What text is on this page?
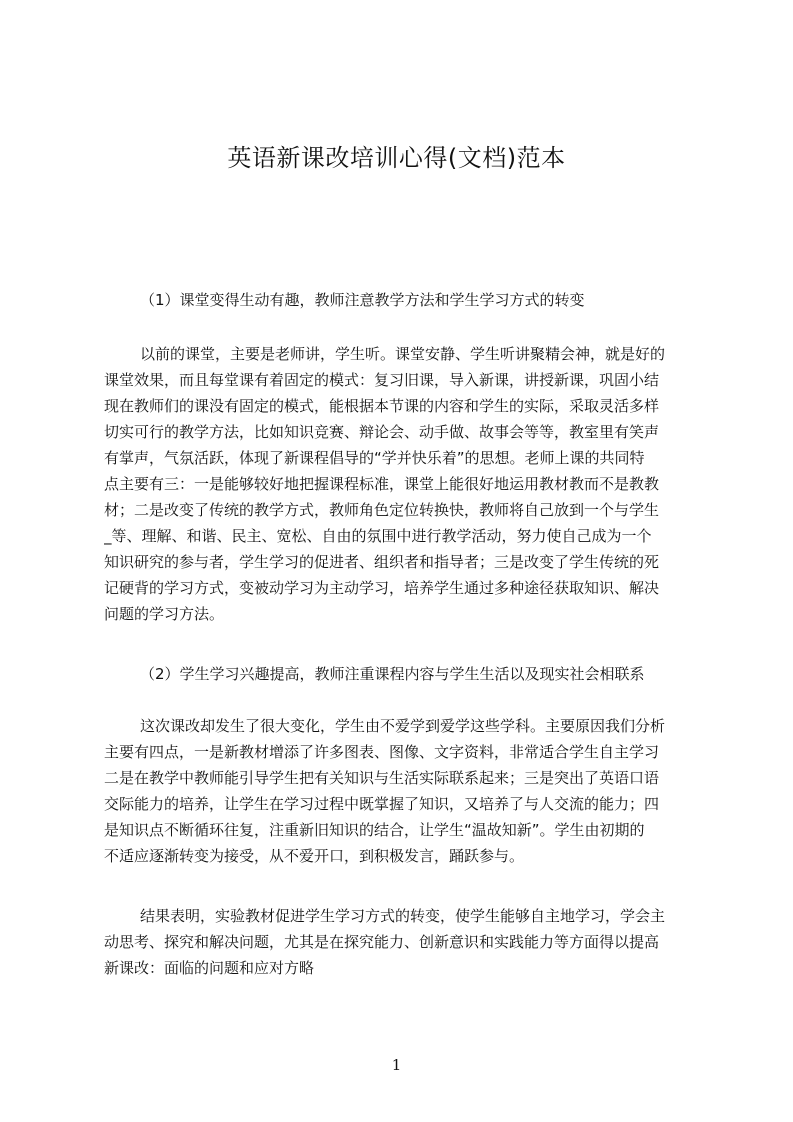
英语新课改培训心得(文档)范本
（1）课堂变得生动有趣，教师注意教学方法和学生学习方式的转变
以前的课堂，主要是老师讲，学生听。课堂安静、学生听讲聚精会神，就是好的
课堂效果，而且每堂课有着固定的模式：复习旧课，导入新课，讲授新课，巩固小结
现在教师们的课没有固定的模式，能根据本节课的内容和学生的实际，采取灵活多样
切实可行的教学方法，比如知识竞赛、辩论会、动手做、故事会等等，教室里有笑声
有掌声，气氛活跃，体现了新课程倡导的“学并快乐着”的思想。老师上课的共同特
点主要有三：一是能够较好地把握课程标准，课堂上能很好地运用教材教而不是教教
材；二是改变了传统的教学方式，教师角色定位转换快，教师将自己放到一个与学生
_等、理解、和谐、民主、宽松、自由的氛围中进行教学活动，努力使自己成为一个
知识研究的参与者，学生学习的促进者、组织者和指导者；三是改变了学生传统的死
记硬背的学习方式，变被动学习为主动学习，培养学生通过多种途径获取知识、解决
问题的学习方法。
（2）学生学习兴趣提高，教师注重课程内容与学生生活以及现实社会相联系
这次课改却发生了很大变化，学生由不爱学到爱学这些学科。主要原因我们分析
主要有四点，一是新教材增添了许多图表、图像、文字资料，非常适合学生自主学习
二是在教学中教师能引导学生把有关知识与生活实际联系起来；三是突出了英语口语
交际能力的培养，让学生在学习过程中既掌握了知识，又培养了与人交流的能力；四
是知识点不断循环往复，注重新旧知识的结合，让学生“温故知新”。学生由初期的
不适应逐渐转变为接受，从不爱开口，到积极发言，踊跃参与。
结果表明，实验教材促进学生学习方式的转变，使学生能够自主地学习，学会主
动思考、探究和解决问题，尤其是在探究能力、创新意识和实践能力等方面得以提高
新课改：面临的问题和应对方略
1
